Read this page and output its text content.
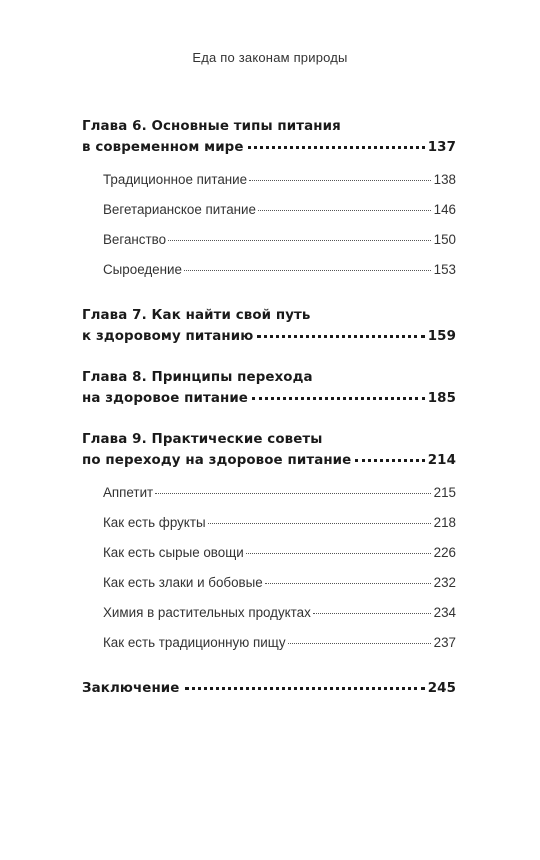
Еда по законам природы
Глава 6. Основные типы питания
в современном мире	137
Традиционное питание	138
Вегетарианское питание	146
Веганство	150
Сыроедение	153
Глава 7. Как найти свой путь
к здоровому питанию	159
Глава 8. Принципы перехода
на здоровое питание	185
Глава 9. Практические советы
по переходу на здоровое питание	214
Аппетит	215
Как есть фрукты	218
Как есть сырые овощи	226
Как есть злаки и бобовые	232
Химия в растительных продуктах	234
Как есть традиционную пищу	237
Заключение	245
